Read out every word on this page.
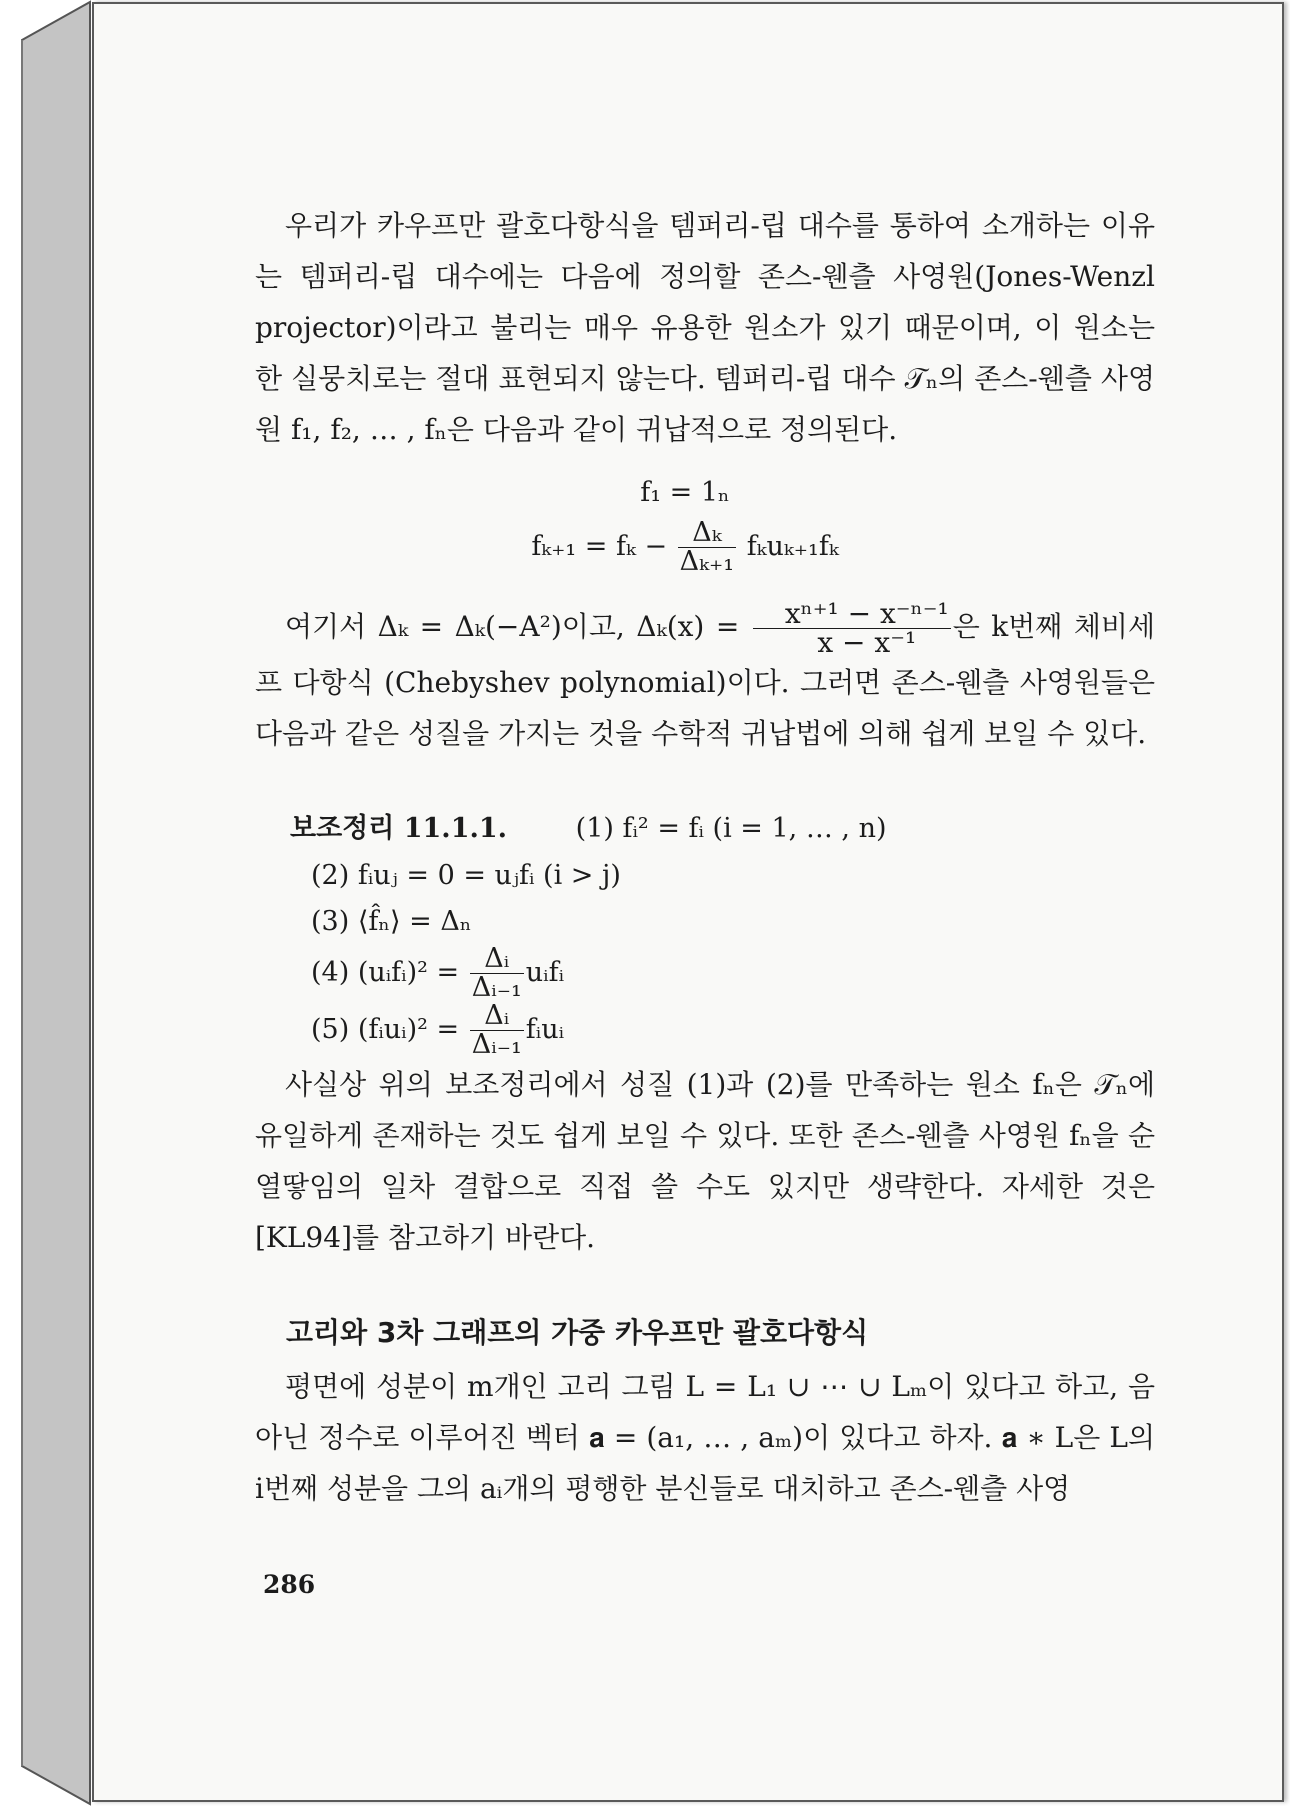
우리가 카우프만 괄호다항식을 템퍼리-립 대수를 통하여 소개하는 이유는 템퍼리-립 대수에는 다음에 정의할 존스-웬츨 사영원(Jones-Wenzl projector)이라고 불리는 매우 유용한 원소가 있기 때문이며, 이 원소는 한 실뭉치로는 절대 표현되지 않는다. 템퍼리-립 대수 𝒯ₙ의 존스-웬츨 사영원 f₁, f₂, … , fₙ은 다음과 같이 귀납적으로 정의된다.

f₁ = 1ₙ
$f_{k+1} = f_k - \frac{\text{Δₖ}}{\text{Δₖ₊₁}} f_ku_{k+1}f_k$

여기서 Δₖ = Δₖ(−A²)이고, $\Delta_k(x) = \frac{\text{xⁿ⁺¹ − x⁻ⁿ⁻¹}}{\text{x − x⁻¹}}$ 은 k번째 체비세프 다항식 (Chebyshev polynomial)이다. 그러면 존스-웬츨 사영원들은 다음과 같은 성질을 가지는 것을 수학적 귀납법에 의해 쉽게 보일 수 있다.

보조정리 11.1.1.	(1) fᵢ² = fᵢ (i = 1, … , n)
(2) fᵢuⱼ = 0 = uⱼfᵢ (i > j)
(3) ⟨f̂ₙ⟩ = Δₙ
(4) (uᵢfᵢ)² = $\frac{\text{Δᵢ}}{\text{Δᵢ₋₁}}$ uᵢfᵢ
(5) (fᵢuᵢ)² = $\frac{\text{Δᵢ}}{\text{Δᵢ₋₁}}$ fᵢuᵢ

사실상 위의 보조정리에서 성질 (1)과 (2)를 만족하는 원소 fₙ은 𝒯ₙ에 유일하게 존재하는 것도 쉽게 보일 수 있다. 또한 존스-웬츨 사영원 fₙ을 순열땋임의 일차 결합으로 직접 쓸 수도 있지만 생략한다. 자세한 것은 [KL94]를 참고하기 바란다.

고리와 3차 그래프의 가중 카우프만 괄호다항식

평면에 성분이 m개인 고리 그림 L = L₁ ∪ ⋯ ∪ Lₘ이 있다고 하고, 음 아닌 정수로 이루어진 벡터 𝐚 = (a₁, … , aₘ)이 있다고 하자. 𝐚 ∗ L은 L의 i번째 성분을 그의 aᵢ개의 평행한 분신들로 대치하고 존스-웬츨 사영

286
